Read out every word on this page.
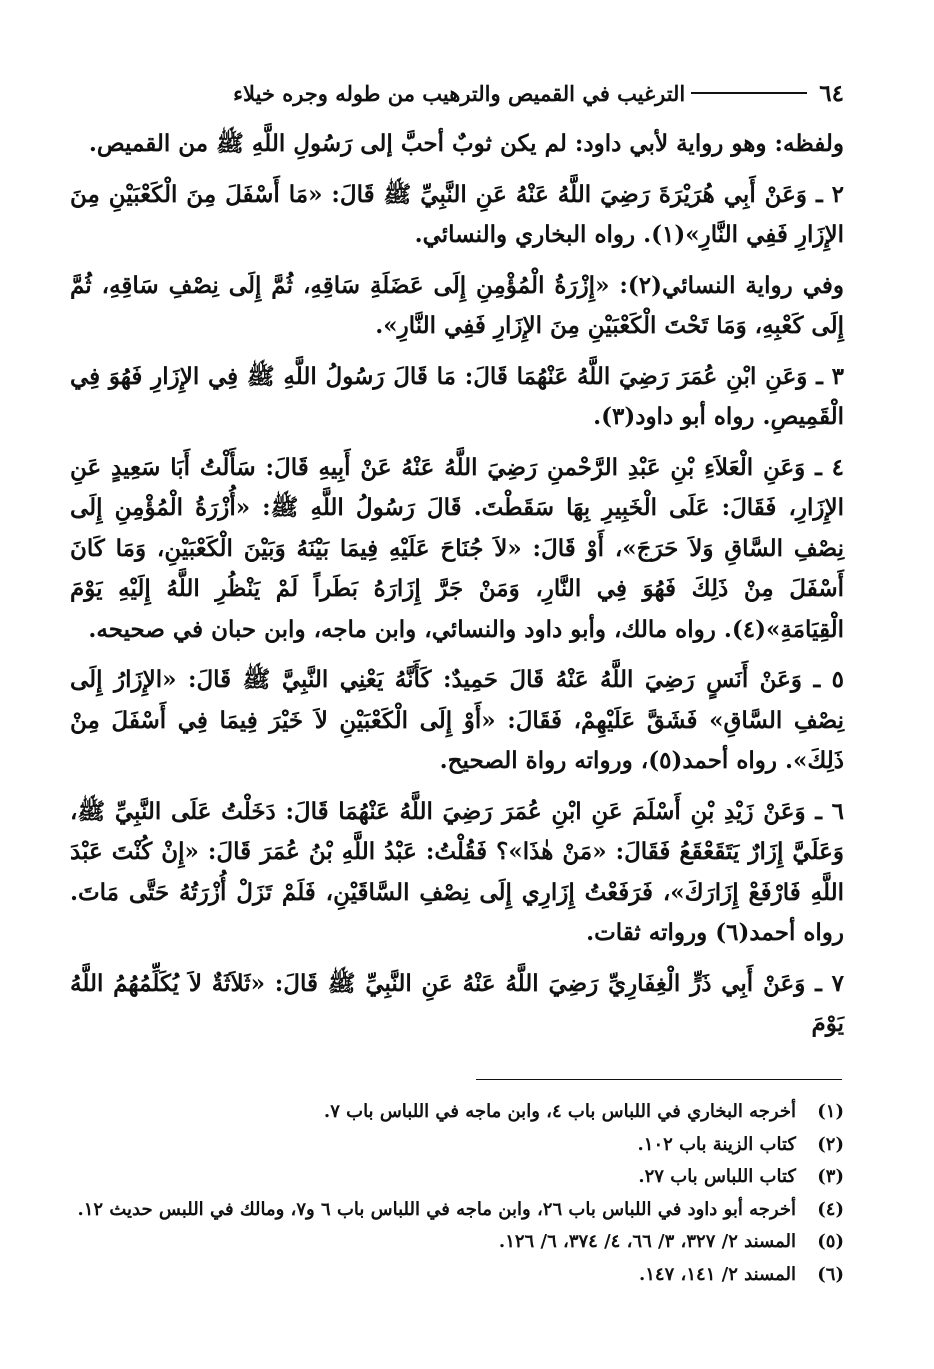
٦٤
الترغيب في القميص والترهيب من طوله وجره خيلاء

ولفظه: وهو رواية لأبي داود: لم يكن ثوبٌ أحبَّ إلى رَسُولِ اللَّهِ ﷺ من القميص.

٢ ـ وَعَنْ أَبِي هُرَيْرَةَ رَضِيَ اللَّهُ عَنْهُ عَنِ النَّبِيِّ ﷺ قَالَ: «مَا أَسْفَلَ مِنَ الْكَعْبَيْنِ مِنَ الإِزَارِ فَفِي النَّارِ»(١). رواه البخاري والنسائي.

وفي رواية النسائي(٢): «إِزْرَةُ الْمُؤْمِنِ إِلَى عَضَلَةِ سَاقِهِ، ثُمَّ إِلَى نِصْفِ سَاقِهِ، ثُمَّ إِلَى كَعْبِهِ، وَمَا تَحْتَ الْكَعْبَيْنِ مِنَ الإِزَارِ فَفِي النَّارِ».

٣ ـ وَعَنِ ابْنِ عُمَرَ رَضِيَ اللَّهُ عَنْهُمَا قَالَ: مَا قَالَ رَسُولُ اللَّهِ ﷺ فِي الإِزَارِ فَهُوَ فِي الْقَمِيصِ. رواه أبو داود(٣).

٤ ـ وَعَنِ الْعَلاَءِ بْنِ عَبْدِ الرَّحْمنِ رَضِيَ اللَّهُ عَنْهُ عَنْ أَبِيهِ قَالَ: سَأَلْتُ أَبَا سَعِيدٍ عَنِ الإِزَارِ، فَقَالَ: عَلَى الْخَبِيرِ بِهَا سَقَطْتَ. قَالَ رَسُولُ اللَّهِ ﷺ: «أُزْرَةُ الْمُؤْمِنِ إِلَى نِصْفِ السَّاقِ وَلاَ حَرَجَ»، أَوْ قَالَ: «لاَ جُنَاحَ عَلَيْهِ فِيمَا بَيْنَهُ وَبَيْنَ الْكَعْبَيْنِ، وَمَا كَانَ أَسْفَلَ مِنْ ذَلِكَ فَهُوَ فِي النَّارِ، وَمَنْ جَرَّ إِزَارَهُ بَطَراً لَمْ يَنْظُرِ اللَّهُ إِلَيْهِ يَوْمَ الْقِيَامَةِ»(٤). رواه مالك، وأبو داود والنسائي، وابن ماجه، وابن حبان في صحيحه.

٥ ـ وَعَنْ أَنَسٍ رَضِيَ اللَّهُ عَنْهُ قَالَ حَمِيدٌ: كَأَنَّهُ يَعْنِي النَّبِيَّ ﷺ قَالَ: «الإِزَارُ إِلَى نِصْفِ السَّاقِ» فَشَقَّ عَلَيْهِمْ، فَقَالَ: «أَوْ إِلَى الْكَعْبَيْنِ لاَ خَيْرَ فِيمَا فِي أَسْفَلَ مِنْ ذَلِكَ». رواه أحمد(٥)، ورواته رواة الصحيح.

٦ ـ وَعَنْ زَيْدِ بْنِ أَسْلَمَ عَنِ ابْنِ عُمَرَ رَضِيَ اللَّهُ عَنْهُمَا قَالَ: دَخَلْتُ عَلَى النَّبِيِّ ﷺ، وَعَلَيَّ إِزَارٌ يَتَقَعْقَعُ فَقَالَ: «مَنْ هٰذَا»؟ فَقُلْتُ: عَبْدُ اللَّهِ بْنُ عُمَرَ قَالَ: «إِنْ كُنْتَ عَبْدَ اللَّهِ فَارْفَعْ إِزَارَكَ»، فَرَفَعْتُ إِزَارِي إِلَى نِصْفِ السَّاقَيْنِ، فَلَمْ تَزَلْ أُزْرَتُهُ حَتَّى مَاتَ. رواه أحمد(٦) ورواته ثقات.

٧ ـ وَعَنْ أَبِي ذَرٍّ الْغِفَارِيِّ رَضِيَ اللَّهُ عَنْهُ عَنِ النَّبِيِّ ﷺ قَالَ: «ثَلاَثَةٌ لاَ يُكَلِّمُهُمُ اللَّهُ يَوْمَ

(١)
أخرجه البخاري في اللباس باب ٤، وابن ماجه في اللباس باب ٧.
(٢)
كتاب الزينة باب ١٠٢.
(٣)
كتاب اللباس باب ٢٧.
(٤)
أخرجه أبو داود في اللباس باب ٢٦، وابن ماجه في اللباس باب ٦ و٧، ومالك في اللبس حديث ١٢.
(٥)
المسند ٢/ ٣٢٧، ٣/ ٦٦، ٤/ ٣٧٤، ٦/ ١٢٦.
(٦)
المسند ٢/ ١٤١، ١٤٧.
